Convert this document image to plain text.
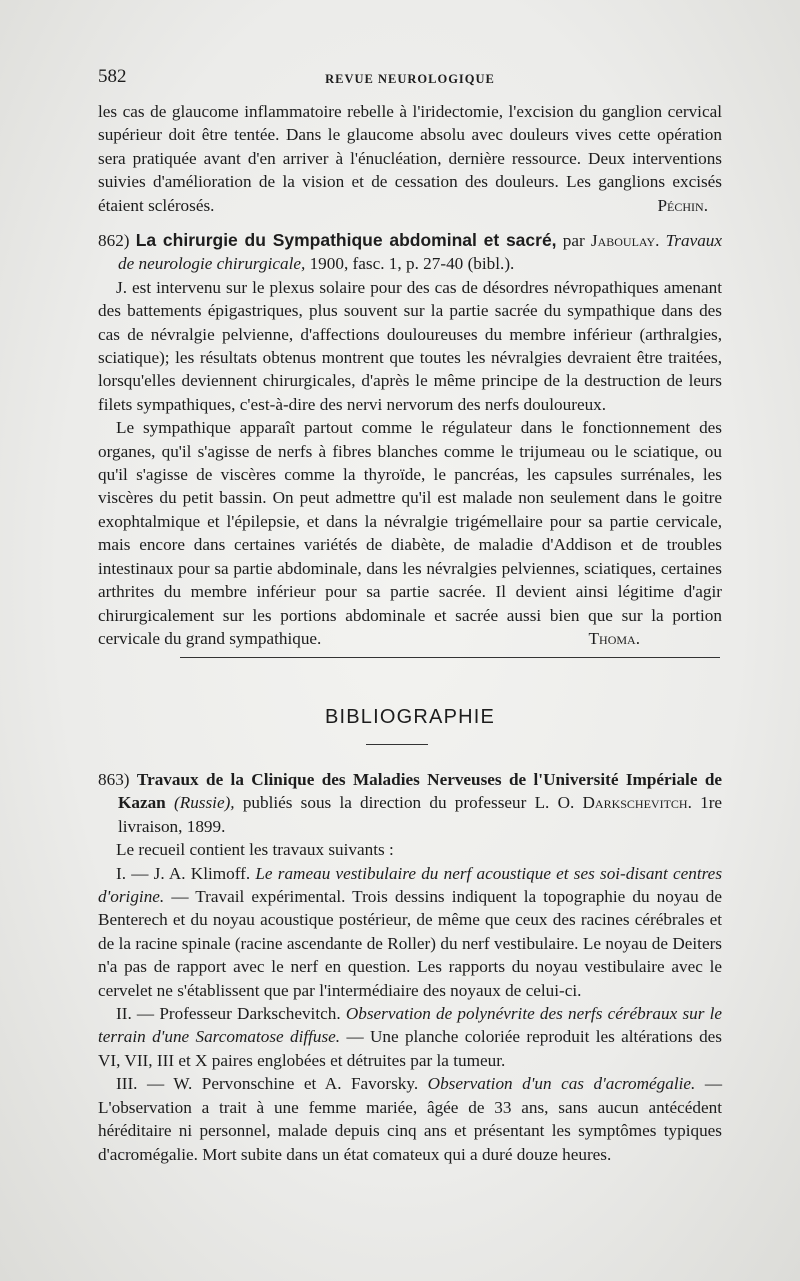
582	REVUE NEUROLOGIQUE

les cas de glaucome inflammatoire rebelle à l'iridectomie, l'excision du ganglion cervical supérieur doit être tentée. Dans le glaucome absolu avec douleurs vives cette opération sera pratiquée avant d'en arriver à l'énucléation, dernière ressource. Deux interventions suivies d'amélioration de la vision et de cessation des douleurs. Les ganglions excisés étaient sclérosés.	Péchin.

862) La chirurgie du Sympathique abdominal et sacré, par Jaboulay. Travaux de neurologie chirurgicale, 1900, fasc. 1, p. 27-40 (bibl.).

J. est intervenu sur le plexus solaire pour des cas de désordres névropathiques amenant des battements épigastriques, plus souvent sur la partie sacrée du sympathique dans des cas de névralgie pelvienne, d'affections douloureuses du membre inférieur (arthralgies, sciatique); les résultats obtenus montrent que toutes les névralgies devraient être traitées, lorsqu'elles deviennent chirurgicales, d'après le même principe de la destruction de leurs filets sympathiques, c'est-à-dire des nervi nervorum des nerfs douloureux.

Le sympathique apparaît partout comme le régulateur dans le fonctionnement des organes, qu'il s'agisse de nerfs à fibres blanches comme le trijumeau ou le sciatique, ou qu'il s'agisse de viscères comme la thyroïde, le pancréas, les capsules surrénales, les viscères du petit bassin. On peut admettre qu'il est malade non seulement dans le goitre exophtalmique et l'épilepsie, et dans la névralgie trigémellaire pour sa partie cervicale, mais encore dans certaines variétés de diabète, de maladie d'Addison et de troubles intestinaux pour sa partie abdominale, dans les névralgies pelviennes, sciatiques, certaines arthrites du membre inférieur pour sa partie sacrée. Il devient ainsi légitime d'agir chirurgicalement sur les portions abdominale et sacrée aussi bien que sur la portion cervicale du grand sympathique.	Thoma.
BIBLIOGRAPHIE

863) Travaux de la Clinique des Maladies Nerveuses de l'Université Impériale de Kazan (Russie), publiés sous la direction du professeur L. O. Darkschevitch. 1re livraison, 1899.

Le recueil contient les travaux suivants :

I. — J. A. Klimoff. Le rameau vestibulaire du nerf acoustique et ses soi-disant centres d'origine. — Travail expérimental. Trois dessins indiquent la topographie du noyau de Benterech et du noyau acoustique postérieur, de même que ceux des racines cérébrales et de la racine spinale (racine ascendante de Roller) du nerf vestibulaire. Le noyau de Deiters n'a pas de rapport avec le nerf en question. Les rapports du noyau vestibulaire avec le cervelet ne s'établissent que par l'intermédiaire des noyaux de celui-ci.

II. — Professeur Darkschevitch. Observation de polynévrite des nerfs cérébraux sur le terrain d'une Sarcomatose diffuse. — Une planche coloriée reproduit les altérations des VI, VII, III et X paires englobées et détruites par la tumeur.

III. — W. Pervonschine et A. Favorsky. Observation d'un cas d'acromégalie. — L'observation a trait à une femme mariée, âgée de 33 ans, sans aucun antécédent héréditaire ni personnel, malade depuis cinq ans et présentant les symptômes typiques d'acromégalie. Mort subite dans un état comateux qui a duré douze heures.
